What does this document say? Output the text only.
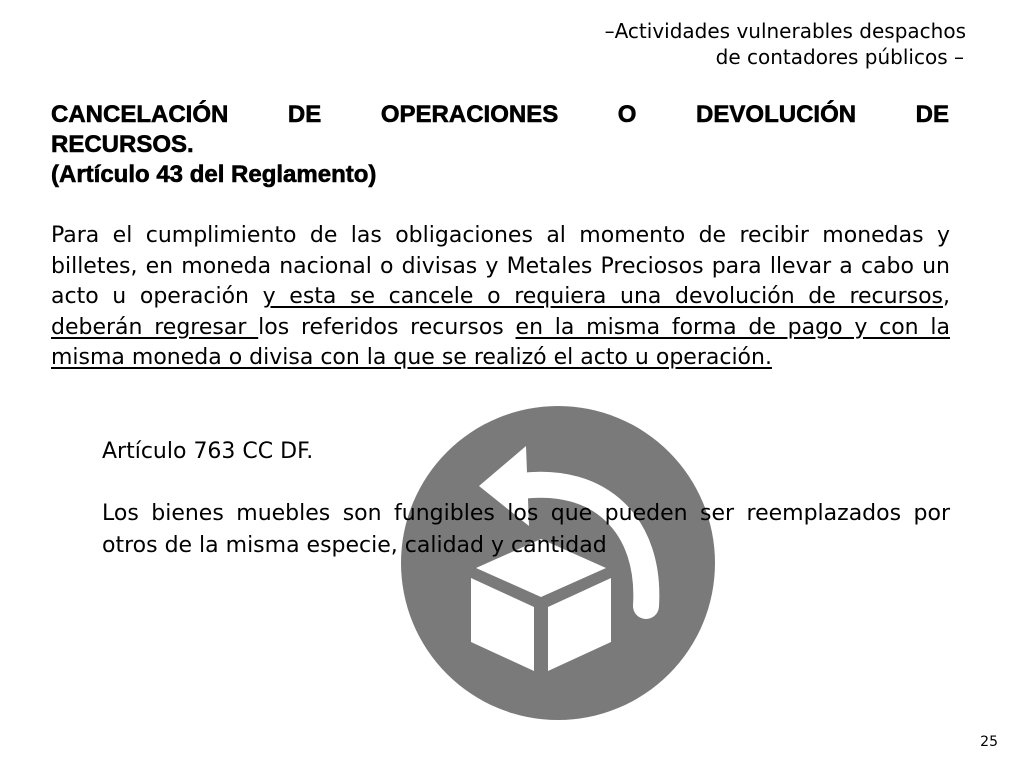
–Actividades vulnerables despachos
de contadores públicos –
CANCELACIÓN DE OPERACIONES O DEVOLUCIÓN DE
RECURSOS.
(Artículo 43 del Reglamento)
Para el cumplimiento de las obligaciones al momento de recibir monedas y billetes, en moneda nacional o divisas y Metales Preciosos para llevar a cabo un acto u operación y esta se cancele o requiera una devolución de recursos, deberán regresar los referidos recursos en la misma forma de pago y con la misma moneda o divisa con la que se realizó el acto u operación.
Artículo 763 CC DF.
Los bienes muebles son fungibles los que pueden ser reemplazados por otros de la misma especie, calidad y cantidad
25
